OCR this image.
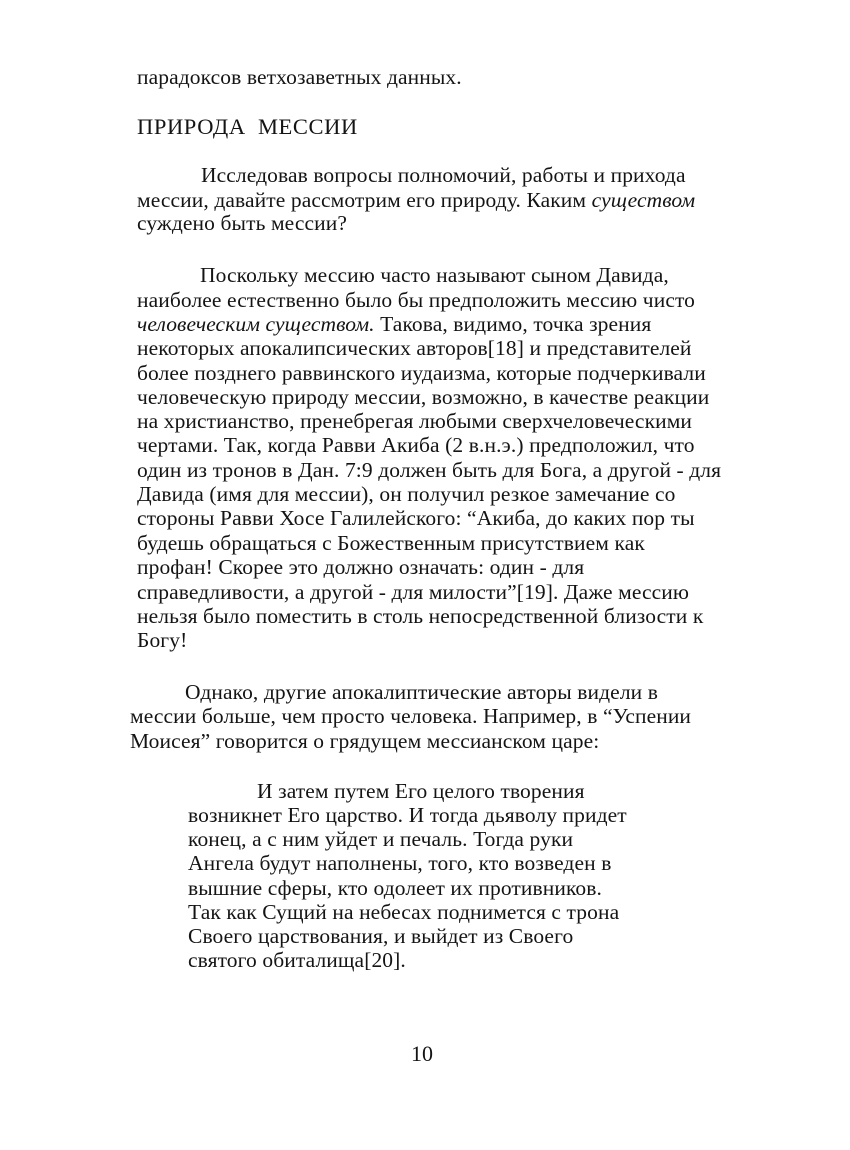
парадоксов ветхозаветных данных.
ПРИРОДА МЕССИИ
Исследовав вопросы полномочий, работы и прихода
мессии, давайте рассмотрим его природу. Каким существом
суждено быть мессии?
Поскольку мессию часто называют сыном Давида,
наиболее естественно было бы предположить мессию чисто
человеческим существом. Такова, видимо, точка зрения
некоторых апокалипсических авторов[18] и представителей
более позднего раввинского иудаизма, которые подчеркивали
человеческую природу мессии, возможно, в качестве реакции
на христианство, пренебрегая любыми сверхчеловеческими
чертами. Так, когда Равви Акиба (2 в.н.э.) предположил, что
один из тронов в Дан. 7:9 должен быть для Бога, а другой - для
Давида (имя для мессии), он получил резкое замечание со
стороны Равви Хосе Галилейского: “Акиба, до каких пор ты
будешь обращаться с Божественным присутствием как
профан! Скорее это должно означать: один - для
справедливости, а другой - для милости”[19]. Даже мессию
нельзя было поместить в столь непосредственной близости к
Богу!
Однако, другие апокалиптические авторы видели в
мессии больше, чем просто человека. Например, в “Успении
Моисея” говорится о грядущем мессианском царе:
И затем путем Его целого творения
возникнет Его царство. И тогда дьяволу придет
конец, а с ним уйдет и печаль. Тогда руки
Ангела будут наполнены, того, кто возведен в
вышние сферы, кто одолеет их противников.
Так как Сущий на небесах поднимется с трона
Своего царствования, и выйдет из Своего
святого обиталища[20].
10
